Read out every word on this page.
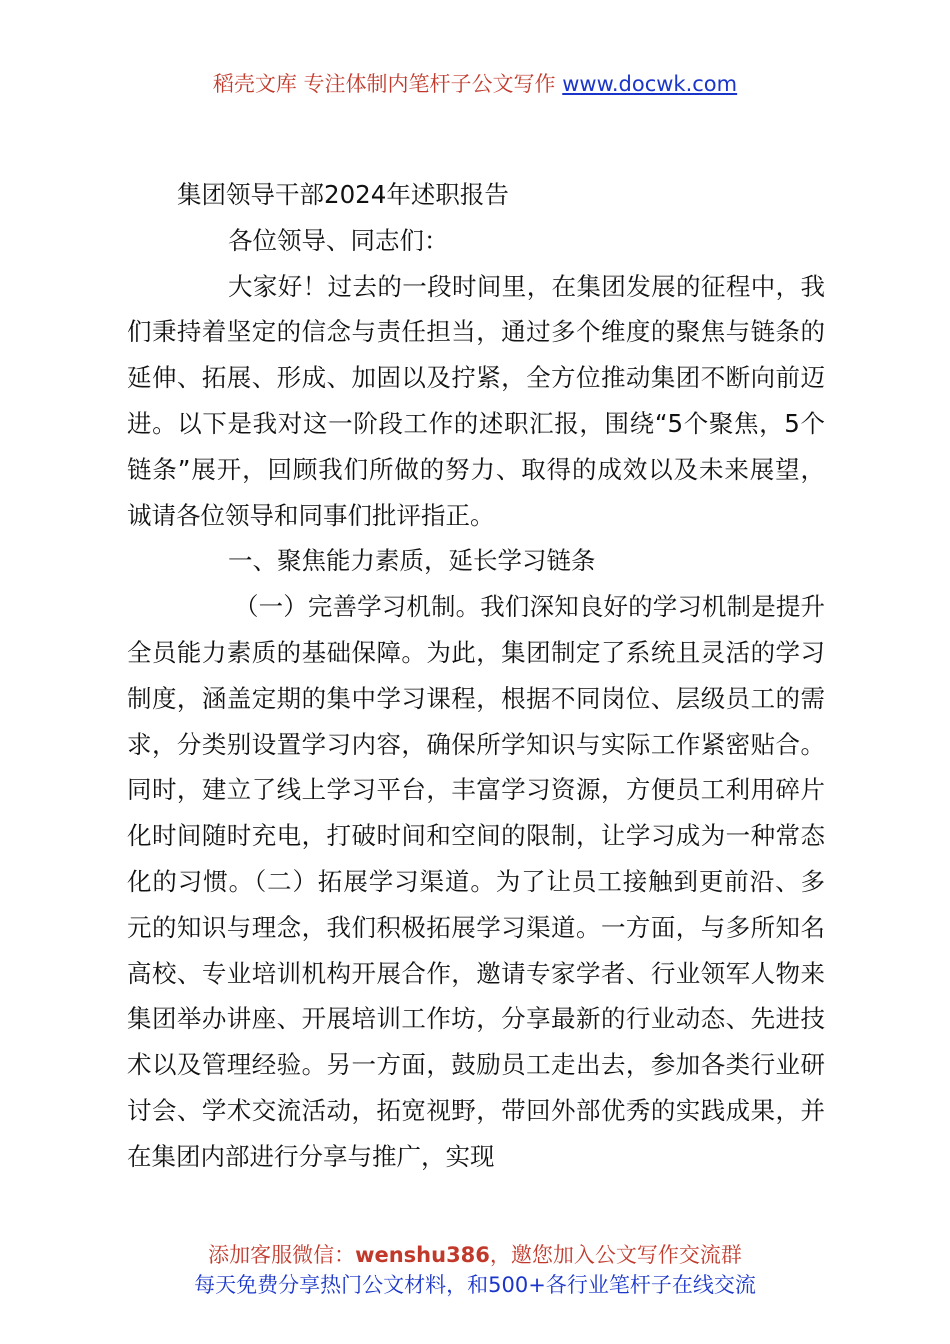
稻壳文库 专注体制内笔杆子公文写作 www.docwk.com

集团领导干部2024年述职报告

各位领导、同志们：

大家好！过去的一段时间里，在集团发展的征程中，我们秉持着坚定的信念与责任担当，通过多个维度的聚焦与链条的延伸、拓展、形成、加固以及拧紧，全方位推动集团不断向前迈进。以下是我对这一阶段工作的述职汇报，围绕“5个聚焦，5个链条”展开，回顾我们所做的努力、取得的成效以及未来展望，诚请各位领导和同事们批评指正。

一、聚焦能力素质，延长学习链条

（一）完善学习机制。我们深知良好的学习机制是提升全员能力素质的基础保障。为此，集团制定了系统且灵活的学习制度，涵盖定期的集中学习课程，根据不同岗位、层级员工的需求，分类别设置学习内容，确保所学知识与实际工作紧密贴合。同时，建立了线上学习平台，丰富学习资源，方便员工利用碎片化时间随时充电，打破时间和空间的限制，让学习成为一种常态化的习惯。（二）拓展学习渠道。为了让员工接触到更前沿、多元的知识与理念，我们积极拓展学习渠道。一方面，与多所知名高校、专业培训机构开展合作，邀请专家学者、行业领军人物来集团举办讲座、开展培训工作坊，分享最新的行业动态、先进技术以及管理经验。另一方面，鼓励员工走出去，参加各类行业研讨会、学术交流活动，拓宽视野，带回外部优秀的实践成果，并在集团内部进行分享与推广，实现

添加客服微信：wenshu386，邀您加入公文写作交流群
每天免费分享热门公文材料，和500+各行业笔杆子在线交流
